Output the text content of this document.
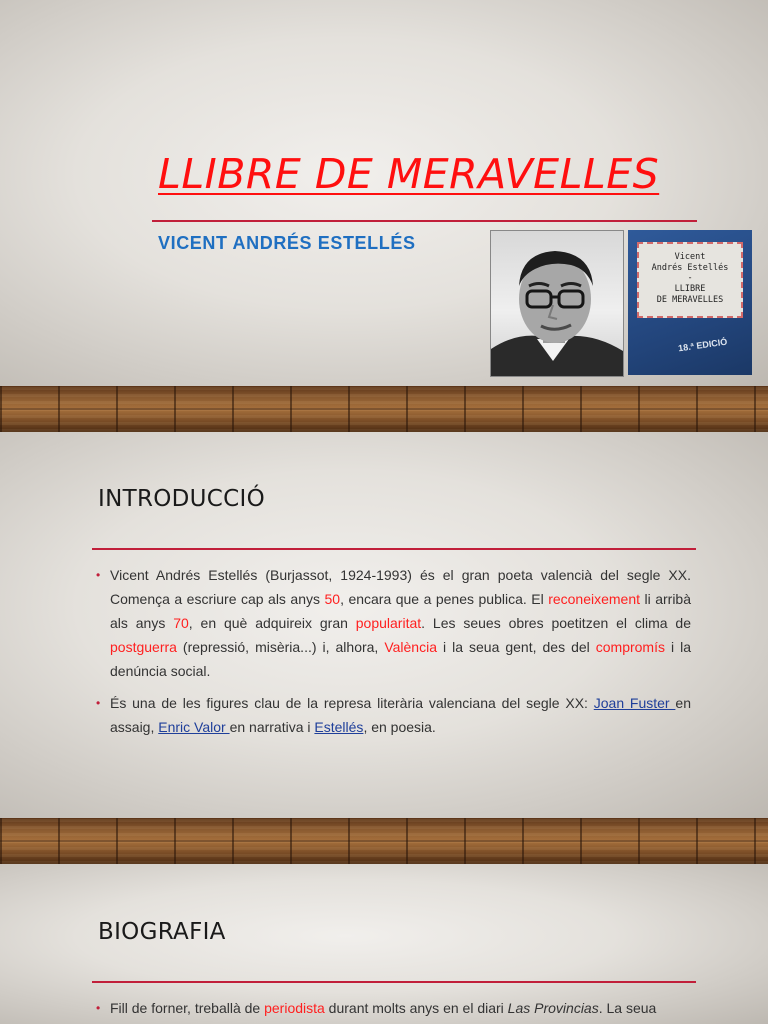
LLIBRE DE MERAVELLES
VICENT ANDRÉS ESTELLÉS
Vicent
Andrés Estellés
-
LLIBRE
DE MERAVELLES
18.ª EDICIÓ
INTRODUCCIÓ
• Vicent Andrés Estellés (Burjassot, 1924-1993) és el gran poeta valencià del segle XX. Comença a escriure cap als anys 50, encara que a penes publica. El reconeixement li arribà als anys 70, en què adquireix gran popularitat. Les seues obres poetitzen el clima de postguerra (repressió, misèria...) i, alhora, València i la seua gent, des del compromís i la denúncia social.
• És una de les figures clau de la represa literària valenciana del segle XX: Joan Fuster en assaig, Enric Valor en narrativa i Estellés, en poesia.
BIOGRAFIA
• Fill de forner, treballà de periodista durant molts anys en el diari Las Provincias. La seua
